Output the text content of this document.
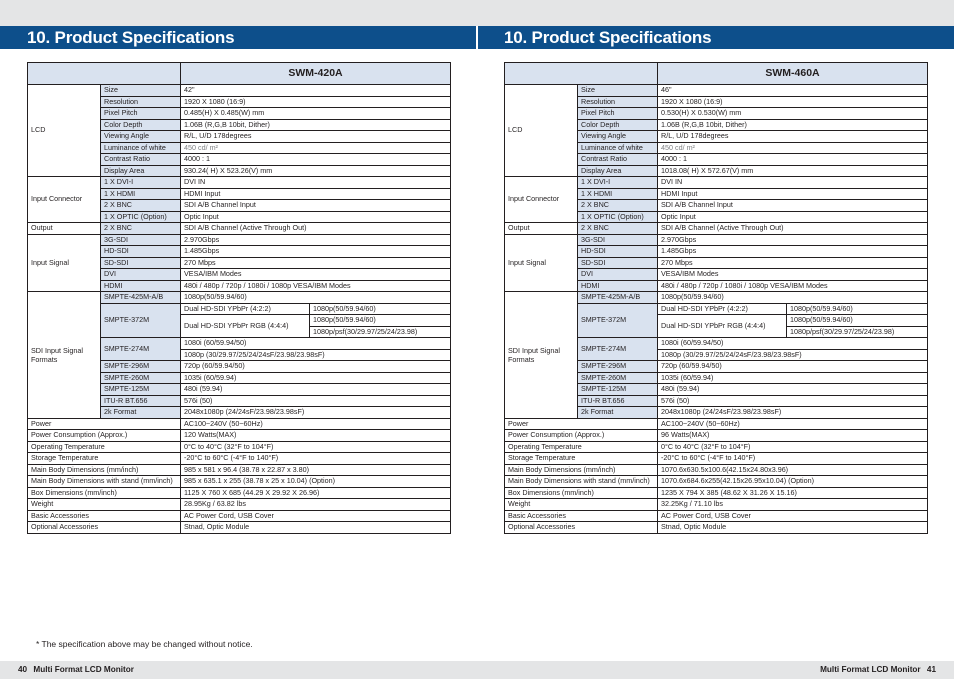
10. Product Specifications	10. Product Specifications
		SWM-420A	
LCD	Size	42"	
	Resolution	1920 X 1080 (16:9)	
	Pixel Pitch	0.485(H) X 0.485(W) mm	
	Color Depth	1.06B (R,G,B 10bit, Dither)	
	Viewing Angle	R/L, U/D 178degrees	
	Luminance of white	450 cd/ m²	
	Contrast Ratio	4000 : 1	
	Display Area	930.24( H) X 523.26(V) mm	
Input Connector	1 X DVI-I	DVI IN	
	1 X HDMI	HDMI Input	
	2 X BNC	SDI A/B Channel Input	
	1 X OPTIC (Option)	Optic Input	
Output	2 X BNC	SDI A/B Channel (Active Through Out)	
Input Signal	3G-SDI	2.970Gbps	
	HD-SDI	1.485Gbps	
	SD-SDI	270 Mbps	
	DVI	VESA/IBM Modes	
	HDMI	480i / 480p / 720p / 1080i / 1080p VESA/IBM Modes	
SDI Input Signal Formats	SMPTE-425M-A/B	1080p(50/59.94/60)	
	SMPTE-372M	Dual HD-SDI YPbPr (4:2:2)	1080p(50/59.94/60)
		Dual HD-SDI YPbPr RGB (4:4:4)	1080p(50/59.94/60)
			1080p/psf(30/29.97/25/24/23.98)
	SMPTE-274M	1080i (60/59.94/50)	
		1080p (30/29.97/25/24/24sF/23.98/23.98sF)	
	SMPTE-296M	720p (60/59.94/50)	
	SMPTE-260M	1035i (60/59.94)	
	SMPTE-125M	480i (59.94)	
	ITU-R BT.656	576i (50)	
	2k Format	2048x1080p (24/24sF/23.98/23.98sF)	
Power		AC100~240V (50~60Hz)	
Power Consumption (Approx.)		120 Watts(MAX)	
Operating Temperature		0°C to 40°C (32°F to 104°F)	
Storage Temperature		-20°C to 60°C (-4°F to 140°F)	
Main Body Dimensions (mm/inch)		985 x 581 x 96.4 (38.78 x 22.87 x 3.80)	
Main Body Dimensions with stand (mm/inch)		985 x 635.1 x 255 (38.78 x 25 x 10.04) (Option)	
Box Dimensions (mm/inch)		1125 X 760 X 685 (44.29 X 29.92 X 26.96)	
Weight		28.95Kg / 63.82 lbs	
Basic Accessories		AC Power Cord, USB Cover	
Optional Accessories		Stnad, Optic Module	
		SWM-460A	
LCD	Size	46"	
	Resolution	1920 X 1080 (16:9)	
	Pixel Pitch	0.530(H) X 0.530(W) mm	
	Color Depth	1.06B (R,G,B 10bit, Dither)	
	Viewing Angle	R/L, U/D 178degrees	
	Luminance of white	450 cd/ m²	
	Contrast Ratio	4000 : 1	
	Display Area	1018.08( H) X 572.67(V) mm	
Input Connector	1 X DVI-I	DVI IN	
	1 X HDMI	HDMI Input	
	2 X BNC	SDI A/B Channel Input	
	1 X OPTIC (Option)	Optic Input	
Output	2 X BNC	SDI A/B Channel (Active Through Out)	
Input Signal	3G-SDI	2.970Gbps	
	HD-SDI	1.485Gbps	
	SD-SDI	270 Mbps	
	DVI	VESA/IBM Modes	
	HDMI	480i / 480p / 720p / 1080i / 1080p VESA/IBM Modes	
SDI Input Signal Formats	SMPTE-425M-A/B	1080p(50/59.94/60)	
	SMPTE-372M	Dual HD-SDI YPbPr (4:2:2)	1080p(50/59.94/60)
		Dual HD-SDI YPbPr RGB (4:4:4)	1080p(50/59.94/60)
			1080p/psf(30/29.97/25/24/23.98)
	SMPTE-274M	1080i (60/59.94/50)	
		1080p (30/29.97/25/24/24sF/23.98/23.98sF)	
	SMPTE-296M	720p (60/59.94/50)	
	SMPTE-260M	1035i (60/59.94)	
	SMPTE-125M	480i (59.94)	
	ITU-R BT.656	576i (50)	
	2k Format	2048x1080p (24/24sF/23.98/23.98sF)	
Power		AC100~240V (50~60Hz)	
Power Consumption (Approx.)		96 Watts(MAX)	
Operating Temperature		0°C to 40°C (32°F to 104°F)	
Storage Temperature		-20°C to 60°C (-4°F to 140°F)	
Main Body Dimensions (mm/inch)		1070.6x630.5x100.6(42.15x24.80x3.96)	
Main Body Dimensions with stand (mm/inch)		1070.6x684.6x255(42.15x26.95x10.04) (Option)	
Box Dimensions (mm/inch)		1235 X 794 X 385 (48.62 X 31.26 X 15.16)	
Weight		32.25Kg / 71.10 lbs	
Basic Accessories		AC Power Cord, USB Cover	
Optional Accessories		Stnad, Optic Module	
* The specification above may be changed without notice.
40 Multi Format LCD Monitor	Multi Format LCD Monitor 41
